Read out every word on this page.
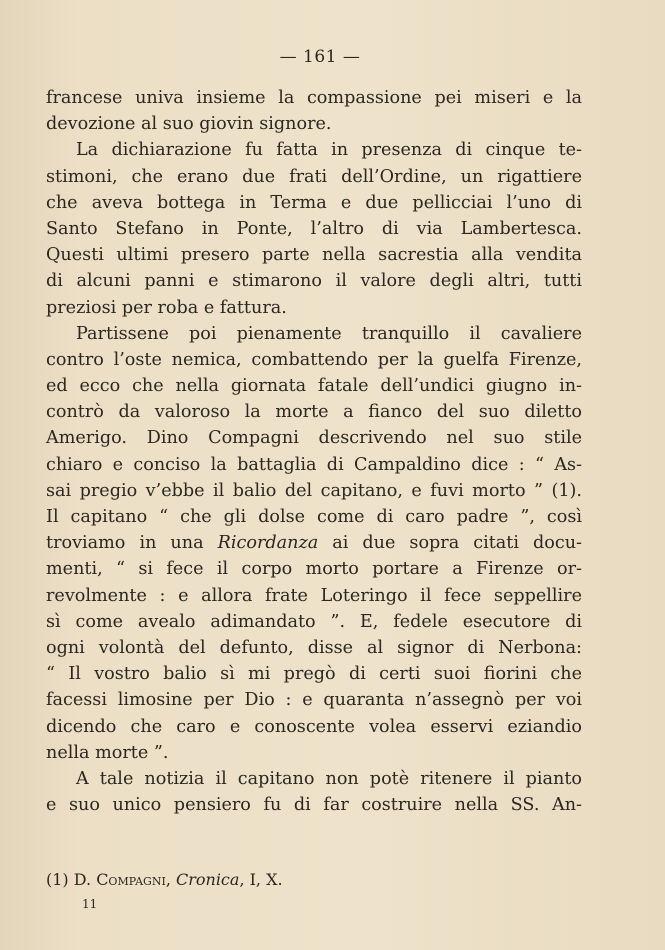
— 161 —
francese univa insieme la compassione pei miseri e la
devozione al suo giovin signore.
La dichiarazione fu fatta in presenza di cinque te-
stimoni, che erano due frati dell’Ordine, un rigattiere
che aveva bottega in Terma e due pellicciai l’uno di
Santo Stefano in Ponte, l’altro di via Lambertesca.
Questi ultimi presero parte nella sacrestia alla vendita
di alcuni panni e stimarono il valore degli altri, tutti
preziosi per roba e fattura.
Partissene poi pienamente tranquillo il cavaliere
contro l’oste nemica, combattendo per la guelfa Firenze,
ed ecco che nella giornata fatale dell’undici giugno in-
contrò da valoroso la morte a fianco del suo diletto
Amerigo. Dino Compagni descrivendo nel suo stile
chiaro e conciso la battaglia di Campaldino dice : “ As-
sai pregio v’ebbe il balio del capitano, e fuvi morto ” (1).
Il capitano “ che gli dolse come di caro padre ”, così
troviamo in una Ricordanza ai due sopra citati docu-
menti, “ si fece il corpo morto portare a Firenze or-
revolmente : e allora frate Loteringo il fece seppellire
sì come avealo adimandato ”. E, fedele esecutore di
ogni volontà del defunto, disse al signor di Nerbona:
“ Il vostro balio sì mi pregò di certi suoi fiorini che
facessi limosine per Dio : e quaranta n’assegnò per voi
dicendo che caro e conoscente volea esservi eziandio
nella morte ”.
A tale notizia il capitano non potè ritenere il pianto
e suo unico pensiero fu di far costruire nella SS. An-
(1) D. Compagni, Cronica, I, X.
11
